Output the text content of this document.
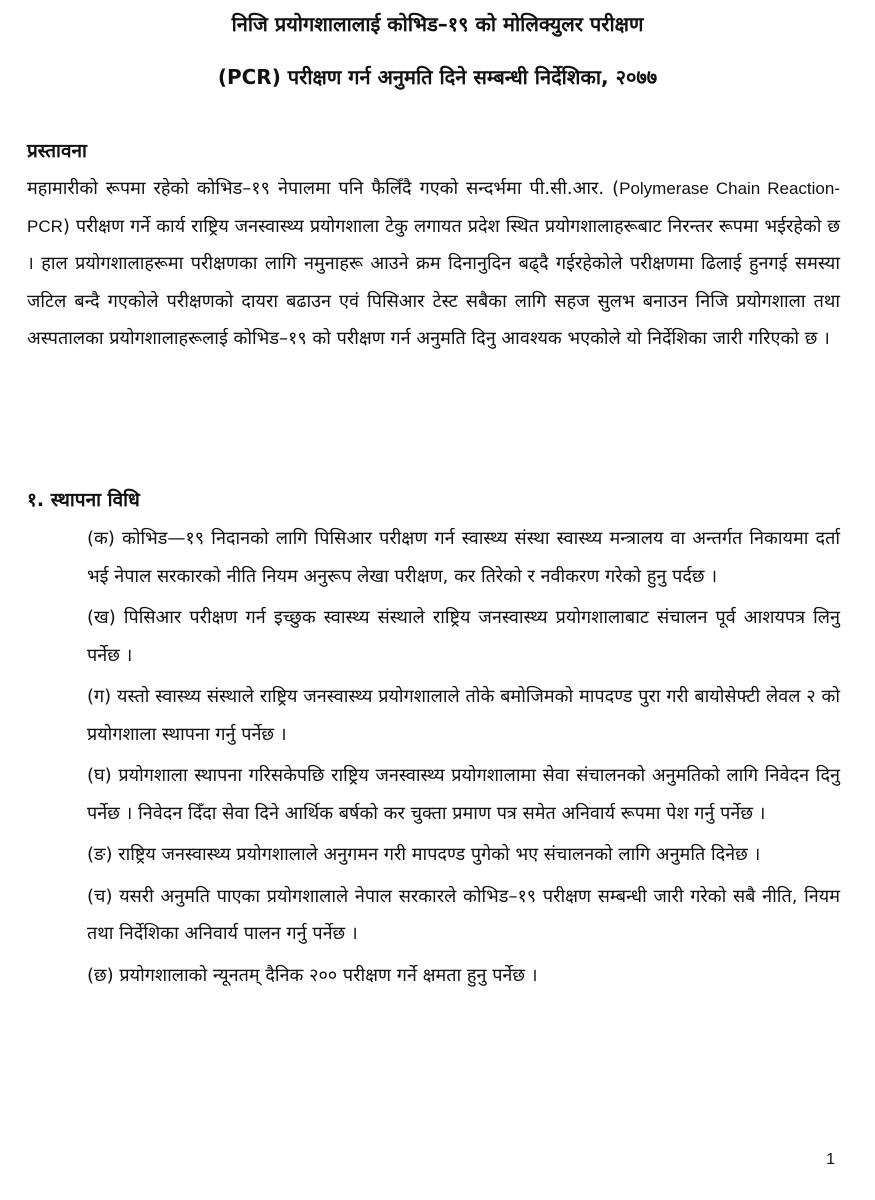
निजि प्रयोगशालालाई कोभिड–१९ को मोलिक्युलर परीक्षण
(PCR) परीक्षण गर्न अनुमति दिने सम्बन्धी निर्देशिका, २०७७
प्रस्तावना

महामारीको रूपमा रहेको कोभिड–१९ नेपालमा पनि फैलिँदै गएको सन्दर्भमा पी.सी.आर. (Polymerase Chain Reaction-PCR) परीक्षण गर्ने कार्य राष्ट्रिय जनस्वास्थ्य प्रयोगशाला टेकु लगायत प्रदेश स्थित प्रयोगशालाहरूबाट निरन्तर रूपमा भईरहेको छ । हाल प्रयोगशालाहरूमा परीक्षणका लागि नमुनाहरू आउने क्रम दिनानुदिन बढ्दै गईरहेकोले परीक्षणमा ढिलाई हुनगई समस्या जटिल बन्दै गएकोले परीक्षणको दायरा बढाउन एवं पिसिआर टेस्ट सबैका लागि सहज सुलभ बनाउन निजि प्रयोगशाला तथा अस्पतालका प्रयोगशालाहरूलाई कोभिड–१९ को परीक्षण गर्न अनुमति दिनु आवश्यक भएकोले यो निर्देशिका जारी गरिएको छ ।

१. स्थापना विधि
(क) कोभिड—१९ निदानको लागि पिसिआर परीक्षण गर्न स्वास्थ्य संस्था स्वास्थ्य मन्त्रालय वा अन्तर्गत निकायमा दर्ता भई नेपाल सरकारको नीति नियम अनुरूप लेखा परीक्षण, कर तिरेको र नवीकरण गरेको हुनु पर्दछ ।
(ख) पिसिआर परीक्षण गर्न इच्छुक स्वास्थ्य संस्थाले राष्ट्रिय जनस्वास्थ्य प्रयोगशालाबाट संचालन पूर्व आशयपत्र लिनु पर्नेछ ।
(ग) यस्तो स्वास्थ्य संस्थाले राष्ट्रिय जनस्वास्थ्य प्रयोगशालाले तोके बमोजिमको मापदण्ड पुरा गरी बायोसेफ्टी लेवल २ को प्रयोगशाला स्थापना गर्नु पर्नेछ ।
(घ) प्रयोगशाला स्थापना गरिसकेपछि राष्ट्रिय जनस्वास्थ्य प्रयोगशालामा सेवा संचालनको अनुमतिको लागि निवेदन दिनु पर्नेछ । निवेदन दिँदा सेवा दिने आर्थिक बर्षको कर चुक्ता प्रमाण पत्र समेत अनिवार्य रूपमा पेश गर्नु पर्नेछ ।
(ङ) राष्ट्रिय जनस्वास्थ्य प्रयोगशालाले अनुगमन गरी मापदण्ड पुगेको भए संचालनको लागि अनुमति दिनेछ ।
(च) यसरी अनुमति पाएका प्रयोगशालाले नेपाल सरकारले कोभिड–१९ परीक्षण सम्बन्धी जारी गरेको सबै नीति, नियम तथा निर्देशिका अनिवार्य पालन गर्नु पर्नेछ ।
(छ) प्रयोगशालाको न्यूनतम् दैनिक २०० परीक्षण गर्ने क्षमता हुनु पर्नेछ ।
1
